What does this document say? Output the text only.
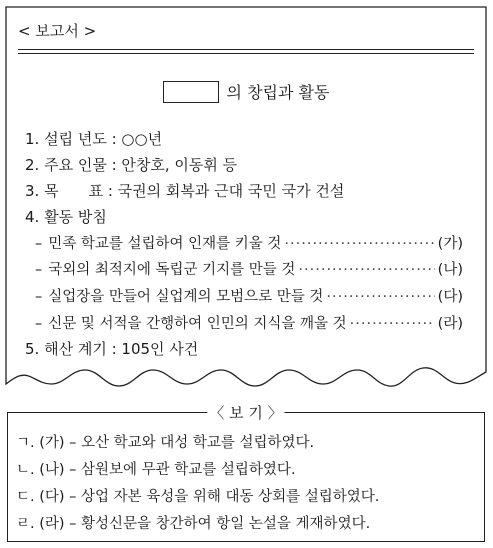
< 보고서 >
의 창립과 활동
1. 설립 년도 : ○○년
2. 주요 인물 : 안창호, 이동휘 등
3. 목　　표 : 국권의 회복과 근대 국민 국가 건설
4. 활동 방침
– 민족 학교를 설립하여 인재를 키울 것 ·····	(가)
– 국외의 최적지에 독립군 기지를 만들 것 ·····	(나)
– 실업장을 만들어 실업계의 모범으로 만들 것 ·····	(다)
– 신문 및 서적을 간행하여 인민의 지식을 깨울 것 ·····	(라)
5. 해산 계기 : 105인 사건
〈 보 기 〉
ㄱ. (가) – 오산 학교와 대성 학교를 설립하였다.
ㄴ. (나) – 삼원보에 무관 학교를 설립하였다.
ㄷ. (다) – 상업 자본 육성을 위해 대동 상회를 설립하였다.
ㄹ. (라) – 황성신문을 창간하여 항일 논설을 게재하였다.
